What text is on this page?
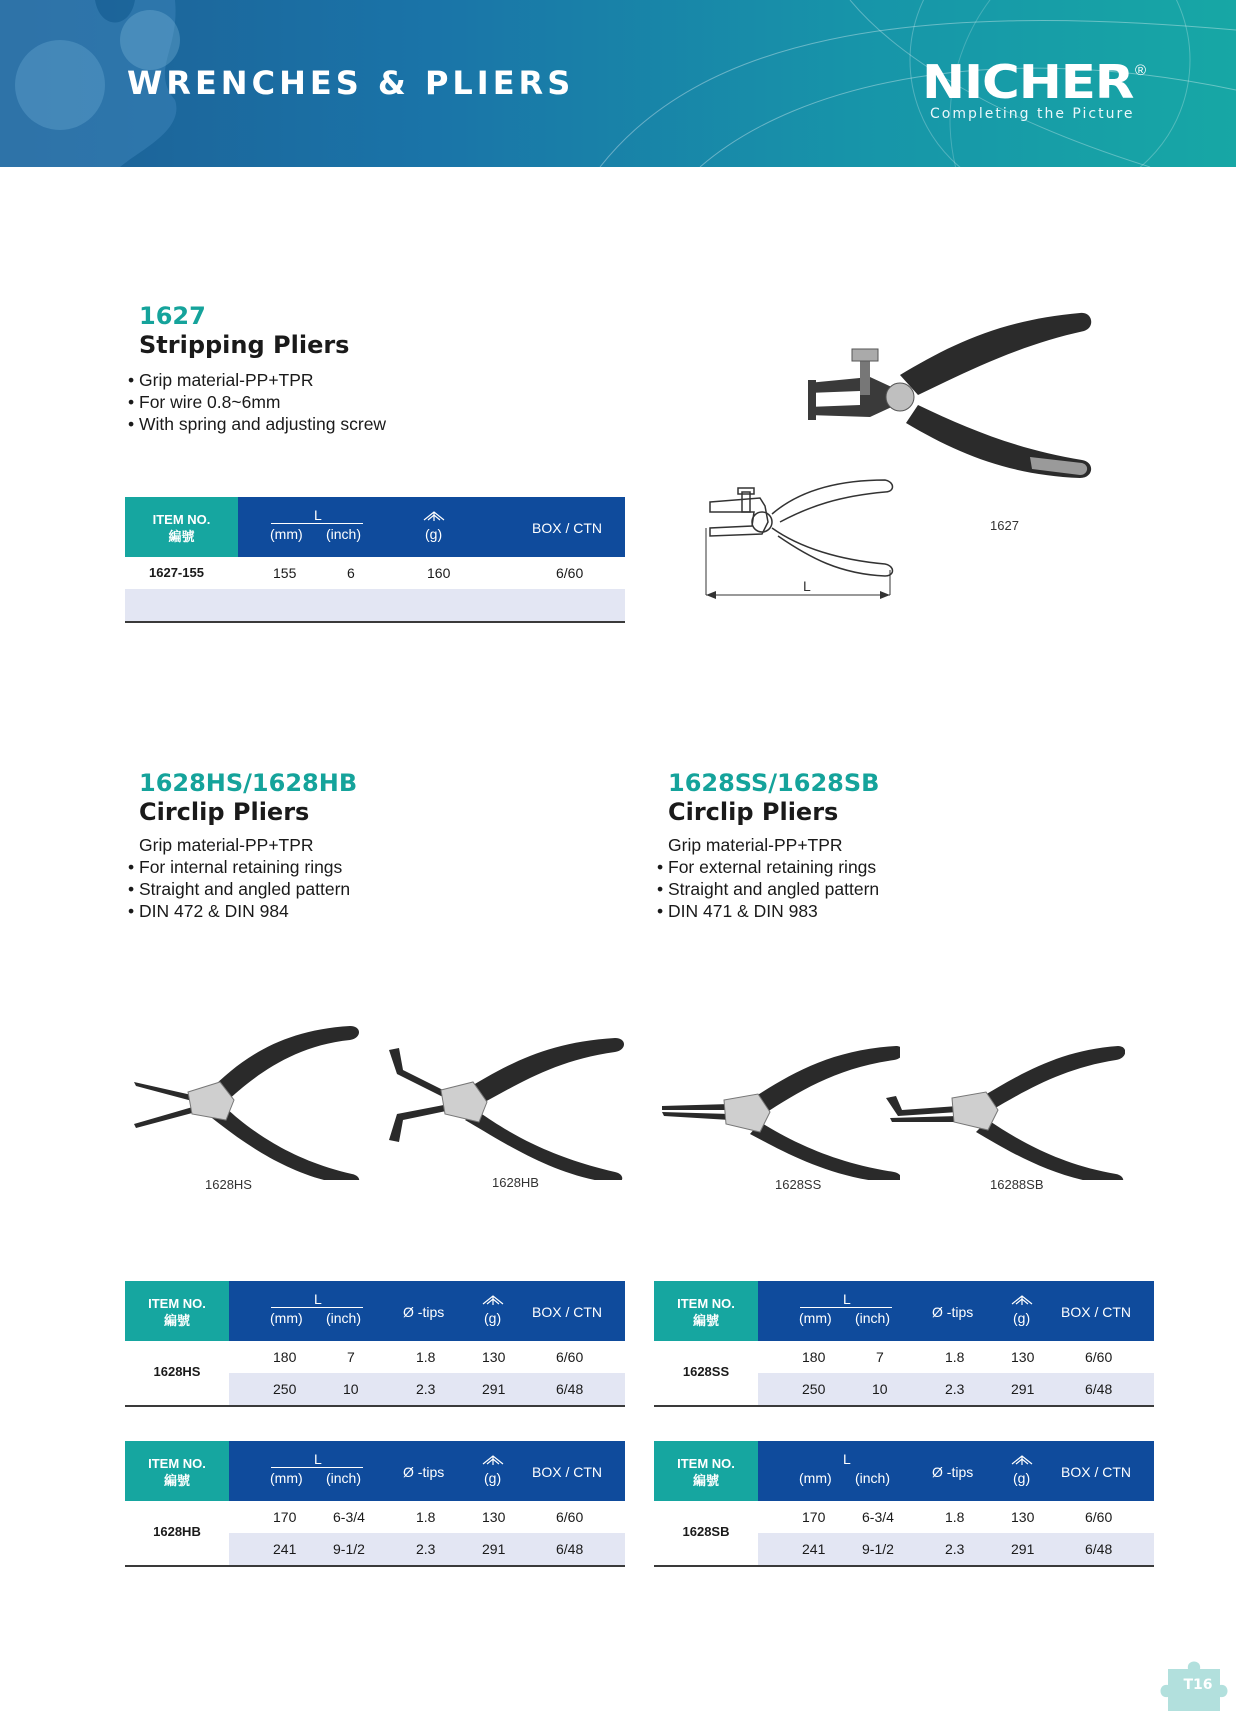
WRENCHES & PLIERS	NICHER ®
Completing the Picture
1627
Stripping Pliers
• Grip material-PP+TPR
• For wire 0.8~6mm
• With spring and adjusting screw
1627
L
ITEM NO.
編號
L
(mm) (inch)	(g)	BOX / CTN
1627-155	155	6	160	6/60
1628HS/1628HB
Circlip Pliers
Grip material-PP+TPR
• For internal retaining rings
• Straight and angled pattern
• DIN 472 & DIN 984
1628SS/1628SB
Circlip Pliers
Grip material-PP+TPR
• For external retaining rings
• Straight and angled pattern
• DIN 471 & DIN 983
1628HS	1628HB	1628SS	16288SB
ITEM NO.
編號
L
(mm) (inch)	Ø -tips	(g) BOX / CTN
1628HS
180	7	1.8	130	6/60
250	10	2.3	291	6/48
ITEM NO.
編號
L
(mm) (inch)	Ø -tips	(g) BOX / CTN
1628SS
180	7	1.8	130	6/60
250	10	2.3	291	6/48
ITEM NO.
編號
L
(mm) (inch)	Ø -tips	(g) BOX / CTN
1628HB
170	6-3/4	1.8	130	6/60
241	9-1/2	2.3	291	6/48
ITEM NO.
編號
L
(mm) (inch)	Ø -tips	(g) BOX / CTN
1628SB
170	6-3/4	1.8	130	6/60
241	9-1/2	2.3	291	6/48
T16
